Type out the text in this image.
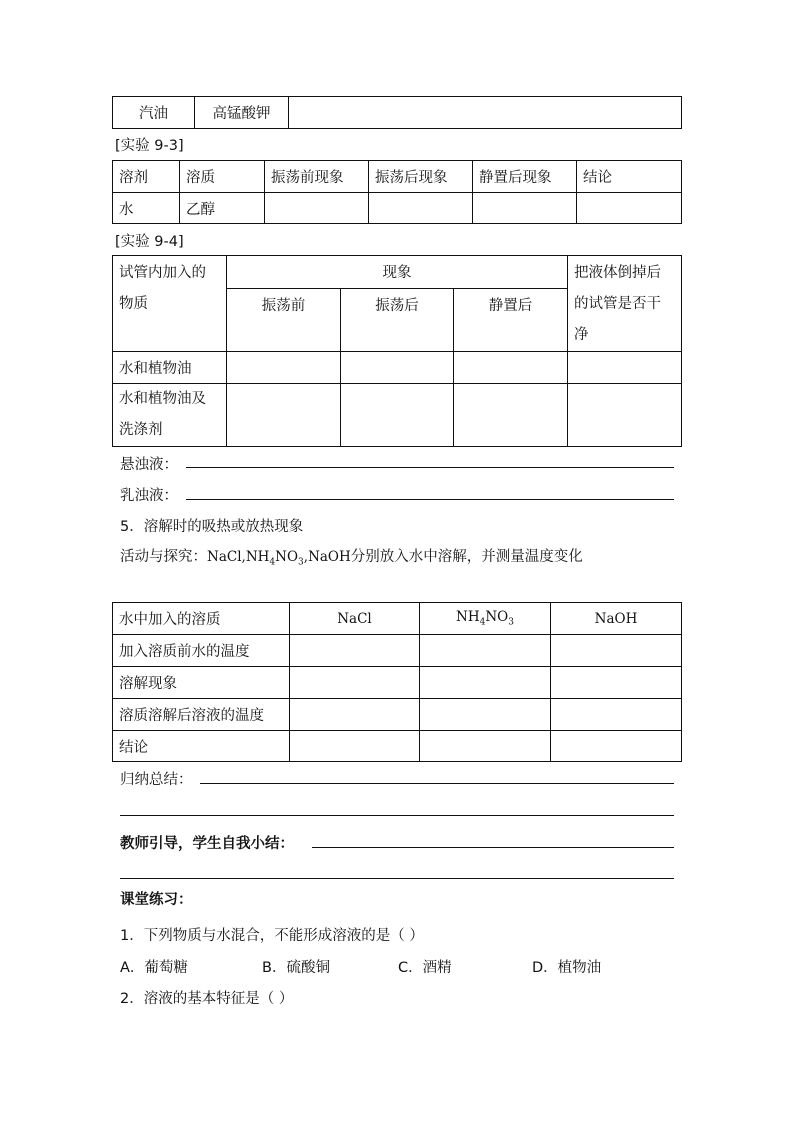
汽油	高锰酸钾	
[实验 9-3]
溶剂	溶质	振荡前现象	振荡后现象	静置后现象	结论
水	乙醇				
[实验 9-4]
试管内加入的物质	现象			把液体倒掉后的试管是否干净
	振荡前	振荡后	静置后	
水和植物油				
水和植物油及洗涤剂				
悬浊液：
乳浊液：
5．溶解时的吸热或放热现象
活动与探究：$NaCl,NH_4NO_3,NaOH$分别放入水中溶解，并测量温度变化
水中加入的溶质	NaCl	$NH_4NO_3$	NaOH
加入溶质前水的温度			
溶解现象			
溶质溶解后溶液的温度			
结论			
归纳总结：
教师引导，学生自我小结：
课堂练习：
1．下列物质与水混合，不能形成溶液的是（ ）
A．葡萄糖	B．硫酸铜	C．酒精	D．植物油
2．溶液的基本特征是（ ）
